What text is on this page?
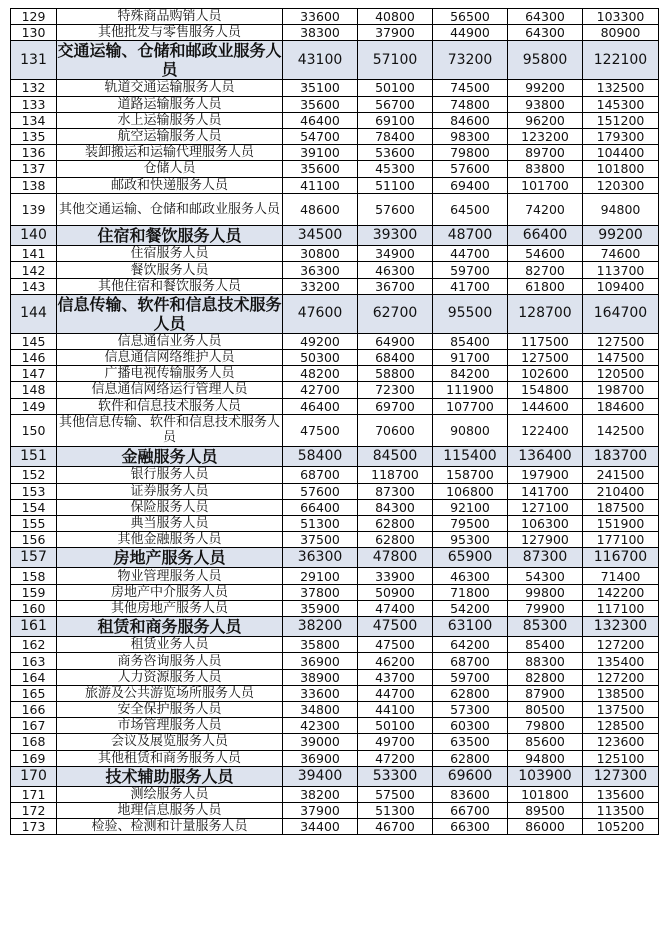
129	特殊商品购销人员	33600	40800	56500	64300	103300
130	其他批发与零售服务人员	38300	37900	44900	64300	80900
131	交通运输、仓储和邮政业服务人员	43100	57100	73200	95800	122100
132	轨道交通运输服务人员	35100	50100	74500	99200	132500
133	道路运输服务人员	35600	56700	74800	93800	145300
134	水上运输服务人员	46400	69100	84600	96200	151200
135	航空运输服务人员	54700	78400	98300	123200	179300
136	装卸搬运和运输代理服务人员	39100	53600	79800	89700	104400
137	仓储人员	35600	45300	57600	83800	101800
138	邮政和快递服务人员	41100	51100	69400	101700	120300
139	其他交通运输、仓储和邮政业服务人员	48600	57600	64500	74200	94800
140	住宿和餐饮服务人员	34500	39300	48700	66400	99200
141	住宿服务人员	30800	34900	44700	54600	74600
142	餐饮服务人员	36300	46300	59700	82700	113700
143	其他住宿和餐饮服务人员	33200	36700	41700	61800	109400
144	信息传输、软件和信息技术服务人员	47600	62700	95500	128700	164700
145	信息通信业务人员	49200	64900	85400	117500	127500
146	信息通信网络维护人员	50300	68400	91700	127500	147500
147	广播电视传输服务人员	48200	58800	84200	102600	120500
148	信息通信网络运行管理人员	42700	72300	111900	154800	198700
149	软件和信息技术服务人员	46400	69700	107700	144600	184600
150	其他信息传输、软件和信息技术服务人员	47500	70600	90800	122400	142500
151	金融服务人员	58400	84500	115400	136400	183700
152	银行服务人员	68700	118700	158700	197900	241500
153	证券服务人员	57600	87300	106800	141700	210400
154	保险服务人员	66400	84300	92100	127100	187500
155	典当服务人员	51300	62800	79500	106300	151900
156	其他金融服务人员	37500	62800	95300	127900	177100
157	房地产服务人员	36300	47800	65900	87300	116700
158	物业管理服务人员	29100	33900	46300	54300	71400
159	房地产中介服务人员	37800	50900	71800	99800	142200
160	其他房地产服务人员	35900	47400	54200	79900	117100
161	租赁和商务服务人员	38200	47500	63100	85300	132300
162	租赁业务人员	35800	47500	64200	85400	127200
163	商务咨询服务人员	36900	46200	68700	88300	135400
164	人力资源服务人员	38900	43700	59700	82800	127200
165	旅游及公共游览场所服务人员	33600	44700	62800	87900	138500
166	安全保护服务人员	34800	44100	57300	80500	137500
167	市场管理服务人员	42300	50100	60300	79800	128500
168	会议及展览服务人员	39000	49700	63500	85600	123600
169	其他租赁和商务服务人员	36900	47200	62800	94800	125100
170	技术辅助服务人员	39400	53300	69600	103900	127300
171	测绘服务人员	38200	57500	83600	101800	135600
172	地理信息服务人员	37900	51300	66700	89500	113500
173	检验、检测和计量服务人员	34400	46700	66300	86000	105200
